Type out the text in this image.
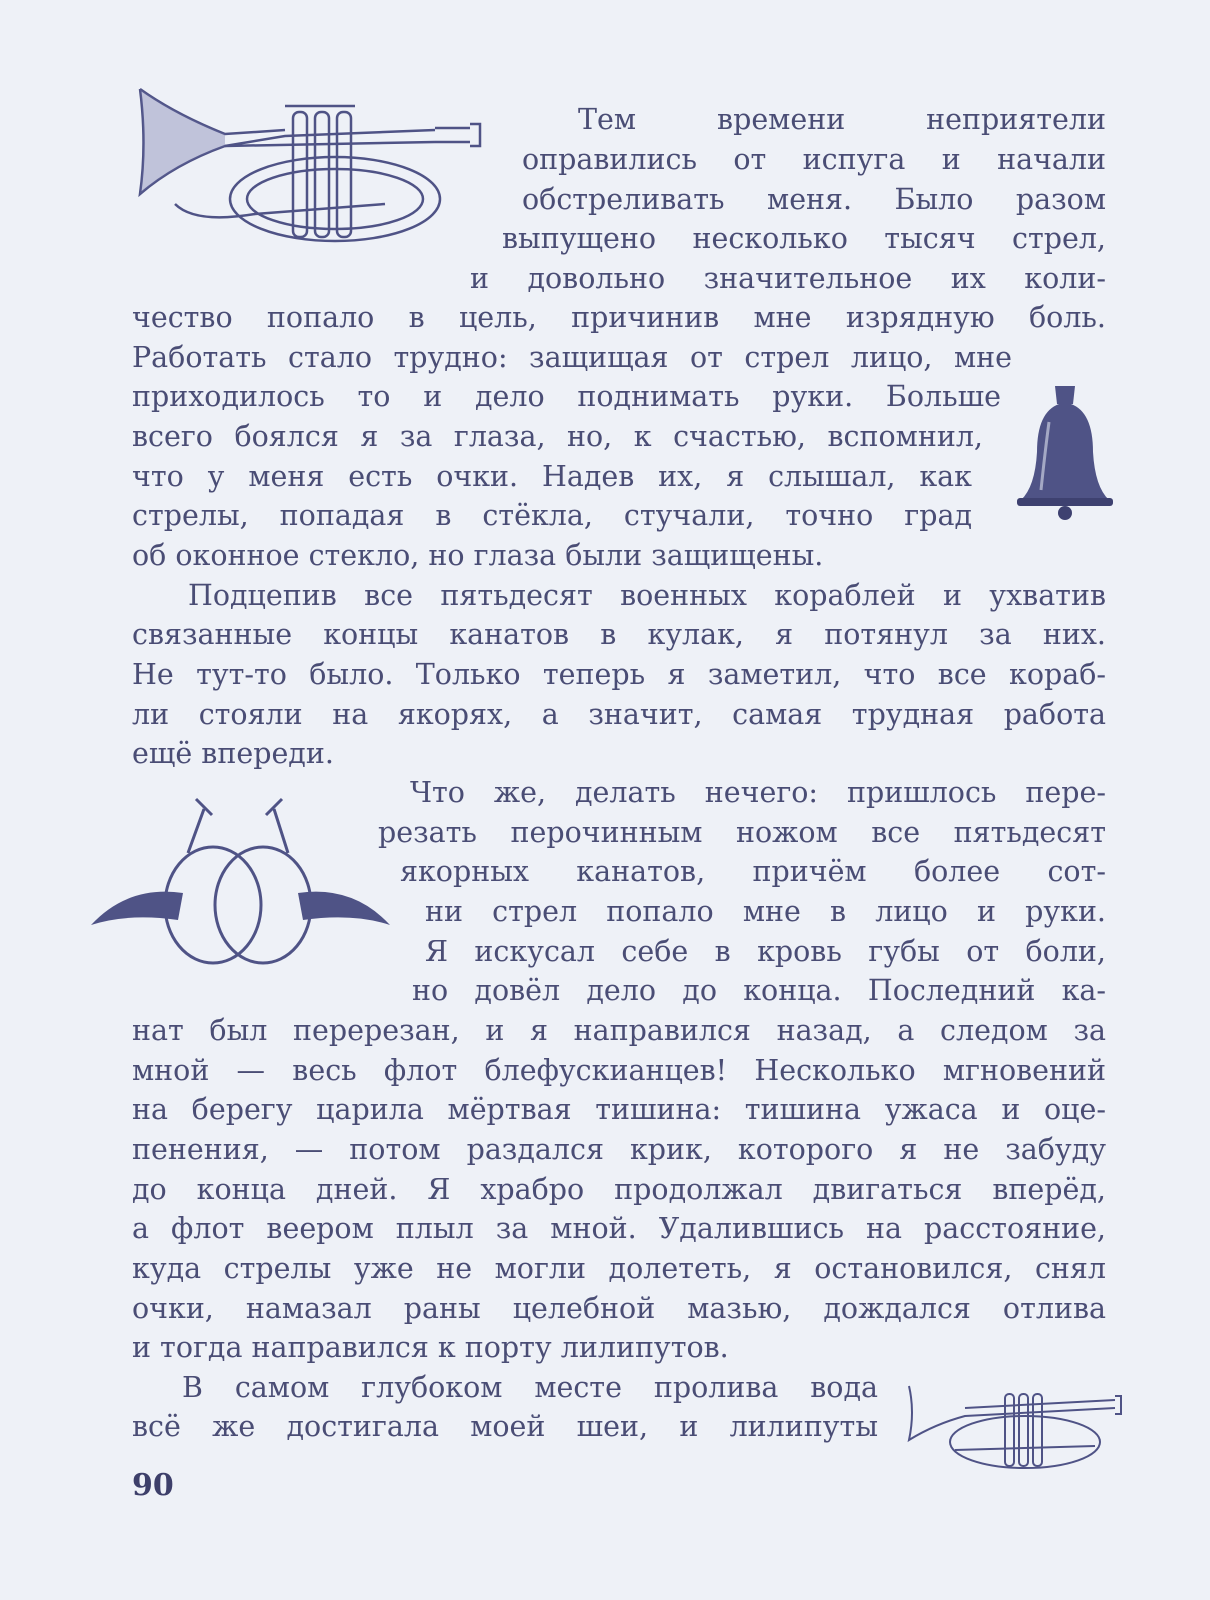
Тем времени неприятели

оправились от испуга и начали

обстреливать меня. Было разом

выпущено несколько тысяч стрел,

и довольно значительное их коли-

чество попало в цель, причинив мне изрядную боль.

Работать стало трудно: защищая от стрел лицо, мне

приходилось то и дело поднимать руки. Больше

всего боялся я за глаза, но, к счастью, вспомнил,

что у меня есть очки. Надев их, я слышал, как

стрелы, попадая в стёкла, стучали, точно град

об оконное стекло, но глаза были защищены.

Подцепив все пятьдесят военных кораблей и ухватив

связанные концы канатов в кулак, я потянул за них.

Не тут-то было. Только теперь я заметил, что все кораб-

ли стояли на якорях, а значит, самая трудная работа

ещё впереди.

Что же, делать нечего: пришлось пере-

резать перочинным ножом все пятьдесят

якорных канатов, причём более сот-

ни стрел попало мне в лицо и руки.

Я искусал себе в кровь губы от боли,

но довёл дело до конца. Последний ка-

нат был перерезан, и я направился назад, а следом за

мной — весь флот блефускианцев! Несколько мгновений

на берегу царила мёртвая тишина: тишина ужаса и оце-

пенения, — потом раздался крик, которого я не забуду

до конца дней. Я храбро продолжал двигаться вперёд,

а флот веером плыл за мной. Удалившись на расстояние,

куда стрелы уже не могли долететь, я остановился, снял

очки, намазал раны целебной мазью, дождался отлива

и тогда направился к порту лилипутов.

В самом глубоком месте пролива вода

всё же достигала моей шеи, и лилипуты

90
